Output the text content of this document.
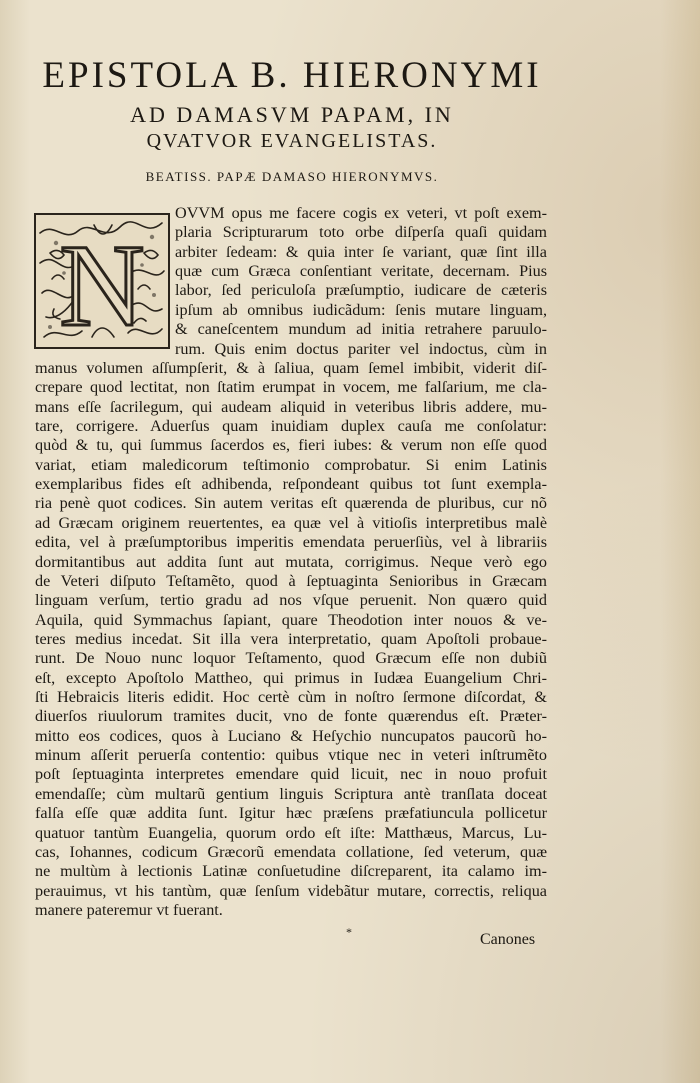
EPISTOLA B. HIERONYMI
AD DAMASVM PAPAM, IN
QVATVOR EVANGELISTAS.
BEATISS. PAPÆ DAMASO HIERONYMVS.
N
OVVM opus me facere cogis ex veteri, vt poſt exem-
plaria Scripturarum toto orbe diſperſa quaſi quidam
arbiter ſedeam: & quia inter ſe variant, quæ ſint illa
quæ cum Græca conſentiant veritate, decernam. Pius
labor, ſed periculoſa præſumptio, iudicare de cæteris
ipſum ab omnibus iudicãdum: ſenis mutare linguam,
& caneſcentem mundum ad initia retrahere paruulo-
rum. Quis enim doctus pariter vel indoctus, cùm in
manus volumen aſſumpſerit, & à ſaliua, quam ſemel imbibit, viderit diſ-
crepare quod lectitat, non ſtatim erumpat in vocem, me falſarium, me cla-
mans eſſe ſacrilegum, qui audeam aliquid in veteribus libris addere, mu-
tare, corrigere. Aduerſus quam inuidiam duplex cauſa me conſolatur:
quòd & tu, qui ſummus ſacerdos es, fieri iubes: & verum non eſſe quod
variat, etiam maledicorum teſtimonio comprobatur. Si enim Latinis
exemplaribus fides eſt adhibenda, reſpondeant quibus tot ſunt exempla-
ria penè quot codices. Sin autem veritas eſt quærenda de pluribus, cur nõ
ad Græcam originem reuertentes, ea quæ vel à vitioſis interpretibus malè
edita, vel à præſumptoribus imperitis emendata peruerſiùs, vel à librariis
dormitantibus aut addita ſunt aut mutata, corrigimus. Neque verò ego
de Veteri diſputo Teſtamẽto, quod à ſeptuaginta Senioribus in Græcam
linguam verſum, tertio gradu ad nos vſque peruenit. Non quæro quid
Aquila, quid Symmachus ſapiant, quare Theodotion inter nouos & ve-
teres medius incedat. Sit illa vera interpretatio, quam Apoſtoli probaue-
runt. De Nouo nunc loquor Teſtamento, quod Græcum eſſe non dubiũ
eſt, excepto Apoſtolo Mattheo, qui primus in Iudæa Euangelium Chri-
ſti Hebraicis literis edidit. Hoc certè cùm in noſtro ſermone diſcordat, &
diuerſos riuulorum tramites ducit, vno de fonte quærendus eſt. Præter-
mitto eos codices, quos à Luciano & Heſychio nuncupatos paucorũ ho-
minum aſſerit peruerſa contentio: quibus vtique nec in veteri inſtrumẽto
poſt ſeptuaginta interpretes emendare quid licuit, nec in nouo profuit
emendaſſe; cùm multarũ gentium linguis Scriptura antè tranſlata doceat
falſa eſſe quæ addita ſunt. Igitur hæc præſens præfatiuncula pollicetur
quatuor tantùm Euangelia, quorum ordo eſt iſte: Matthæus, Marcus, Lu-
cas, Iohannes, codicum Græcorũ emendata collatione, ſed veterum, quæ
ne multùm à lectionis Latinæ conſuetudine diſcreparent, ita calamo im-
perauimus, vt his tantùm, quæ ſenſum videbãtur mutare, correctis, reliqua
manere pateremur vt fuerant.
*	Canones
